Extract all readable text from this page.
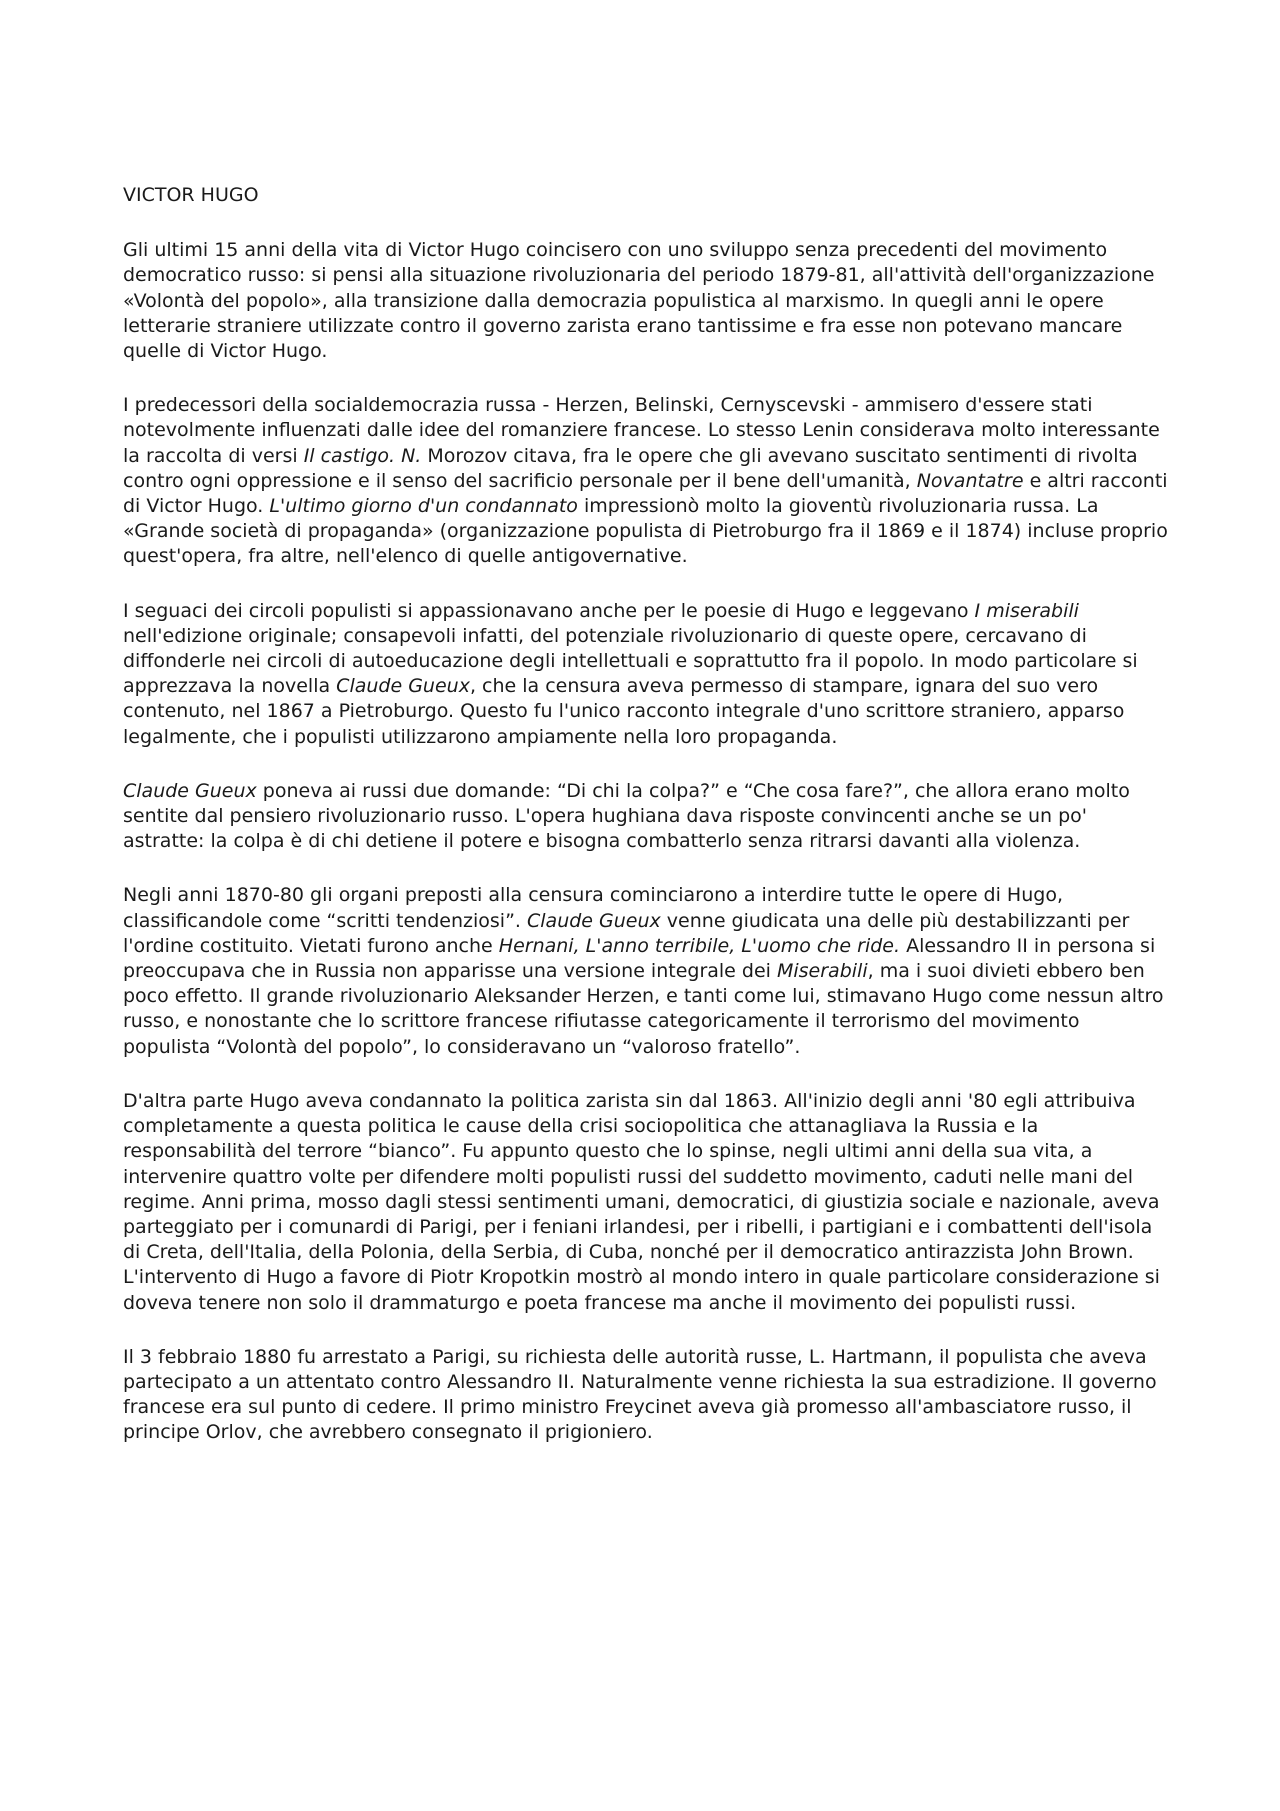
VICTOR HUGO

Gli ultimi 15 anni della vita di Victor Hugo coincisero con uno sviluppo senza precedenti del movimento democratico russo: si pensi alla situazione rivoluzionaria del periodo 1879-81, all'attività dell'organizzazione «Volontà del popolo», alla transizione dalla democrazia populistica al marxismo. In quegli anni le opere letterarie straniere utilizzate contro il governo zarista erano tantissime e fra esse non potevano mancare quelle di Victor Hugo.

I predecessori della socialdemocrazia russa - Herzen, Belinski, Cernyscevski - ammisero d'essere stati notevolmente influenzati dalle idee del romanziere francese. Lo stesso Lenin considerava molto interessante la raccolta di versi Il castigo. N. Morozov citava, fra le opere che gli avevano suscitato sentimenti di rivolta contro ogni oppressione e il senso del sacrificio personale per il bene dell'umanità, Novantatre e altri racconti di Victor Hugo. L'ultimo giorno d'un condannato impressionò molto la gioventù rivoluzionaria russa. La «Grande società di propaganda» (organizzazione populista di Pietroburgo fra il 1869 e il 1874) incluse proprio quest'opera, fra altre, nell'elenco di quelle antigovernative.

I seguaci dei circoli populisti si appassionavano anche per le poesie di Hugo e leggevano I miserabili nell'edizione originale; consapevoli infatti, del potenziale rivoluzionario di queste opere, cercavano di diffonderle nei circoli di autoeducazione degli intellettuali e soprattutto fra il popolo. In modo particolare si apprezzava la novella Claude Gueux, che la censura aveva permesso di stampare, ignara del suo vero contenuto, nel 1867 a Pietroburgo. Questo fu l'unico racconto integrale d'uno scrittore straniero, apparso legalmente, che i populisti utilizzarono ampiamente nella loro propaganda.

Claude Gueux poneva ai russi due domande: “Di chi la colpa?” e “Che cosa fare?”, che allora erano molto sentite dal pensiero rivoluzionario russo. L'opera hughiana dava risposte convincenti anche se un po' astratte: la colpa è di chi detiene il potere e bisogna combatterlo senza ritrarsi davanti alla violenza.

Negli anni 1870-80 gli organi preposti alla censura cominciarono a interdire tutte le opere di Hugo, classificandole come “scritti tendenziosi”. Claude Gueux venne giudicata una delle più destabilizzanti per l'ordine costituito. Vietati furono anche Hernani, L'anno terribile, L'uomo che ride. Alessandro II in persona si preoccupava che in Russia non apparisse una versione integrale dei Miserabili, ma i suoi divieti ebbero ben poco effetto. Il grande rivoluzionario Aleksander Herzen, e tanti come lui, stimavano Hugo come nessun altro russo, e nonostante che lo scrittore francese rifiutasse categoricamente il terrorismo del movimento populista “Volontà del popolo”, lo consideravano un “valoroso fratello”.

D'altra parte Hugo aveva condannato la politica zarista sin dal 1863. All'inizio degli anni '80 egli attribuiva completamente a questa politica le cause della crisi sociopolitica che attanagliava la Russia e la responsabilità del terrore “bianco”. Fu appunto questo che lo spinse, negli ultimi anni della sua vita, a intervenire quattro volte per difendere molti populisti russi del suddetto movimento, caduti nelle mani del regime. Anni prima, mosso dagli stessi sentimenti umani, democratici, di giustizia sociale e nazionale, aveva parteggiato per i comunardi di Parigi, per i feniani irlandesi, per i ribelli, i partigiani e i combattenti dell'isola di Creta, dell'Italia, della Polonia, della Serbia, di Cuba, nonché per il democratico antirazzista John Brown. L'intervento di Hugo a favore di Piotr Kropotkin mostrò al mondo intero in quale particolare considerazione si doveva tenere non solo il drammaturgo e poeta francese ma anche il movimento dei populisti russi.

Il 3 febbraio 1880 fu arrestato a Parigi, su richiesta delle autorità russe, L. Hartmann, il populista che aveva partecipato a un attentato contro Alessandro II. Naturalmente venne richiesta la sua estradizione. Il governo francese era sul punto di cedere. Il primo ministro Freycinet aveva già promesso all'ambasciatore russo, il principe Orlov, che avrebbero consegnato il prigioniero.
